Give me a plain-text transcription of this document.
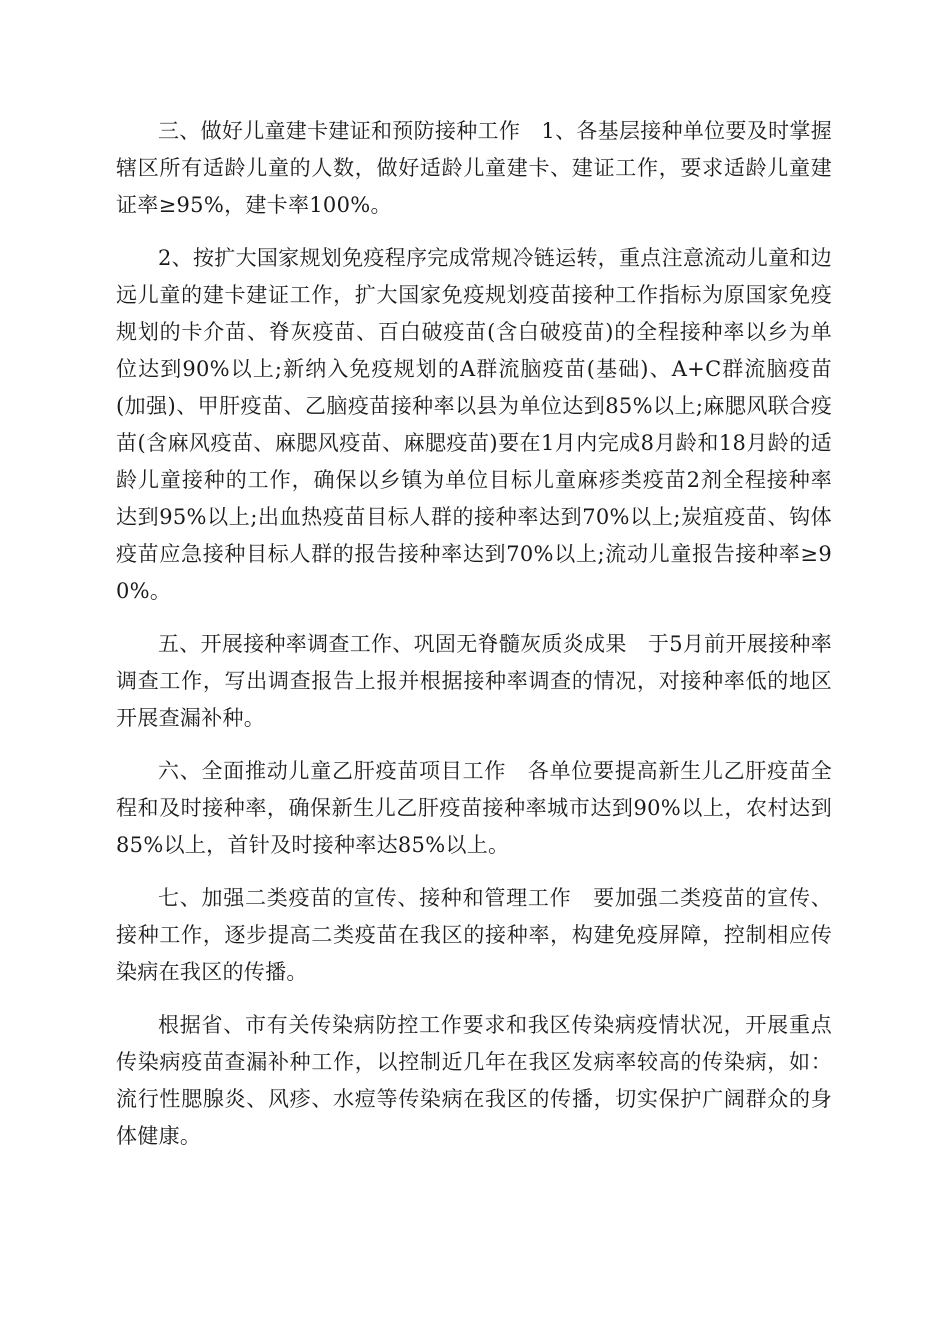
三、做好儿童建卡建证和预防接种工作　1、各基层接种单位要及时掌握辖区所有适龄儿童的人数，做好适龄儿童建卡、建证工作，要求适龄儿童建证率≥95%，建卡率100%。

2、按扩大国家规划免疫程序完成常规冷链运转，重点注意流动儿童和边远儿童的建卡建证工作，扩大国家免疫规划疫苗接种工作指标为原国家免疫规划的卡介苗、脊灰疫苗、百白破疫苗(含白破疫苗)的全程接种率以乡为单位达到90%以上;新纳入免疫规划的A群流脑疫苗(基础)、A+C群流脑疫苗(加强)、甲肝疫苗、乙脑疫苗接种率以县为单位达到85%以上;麻腮风联合疫苗(含麻风疫苗、麻腮风疫苗、麻腮疫苗)要在1月内完成8月龄和18月龄的适龄儿童接种的工作，确保以乡镇为单位目标儿童麻疹类疫苗2剂全程接种率达到95%以上;出血热疫苗目标人群的接种率达到70%以上;炭疽疫苗、钩体疫苗应急接种目标人群的报告接种率达到70%以上;流动儿童报告接种率≥90%。

五、开展接种率调查工作、巩固无脊髓灰质炎成果　于5月前开展接种率调查工作，写出调查报告上报并根据接种率调查的情况，对接种率低的地区开展查漏补种。

六、全面推动儿童乙肝疫苗项目工作　各单位要提高新生儿乙肝疫苗全程和及时接种率，确保新生儿乙肝疫苗接种率城市达到90%以上，农村达到85%以上，首针及时接种率达85%以上。

七、加强二类疫苗的宣传、接种和管理工作　要加强二类疫苗的宣传、接种工作，逐步提高二类疫苗在我区的接种率，构建免疫屏障，控制相应传染病在我区的传播。

根据省、市有关传染病防控工作要求和我区传染病疫情状况，开展重点传染病疫苗查漏补种工作，以控制近几年在我区发病率较高的传染病，如：流行性腮腺炎、风疹、水痘等传染病在我区的传播，切实保护广阔群众的身体健康。
